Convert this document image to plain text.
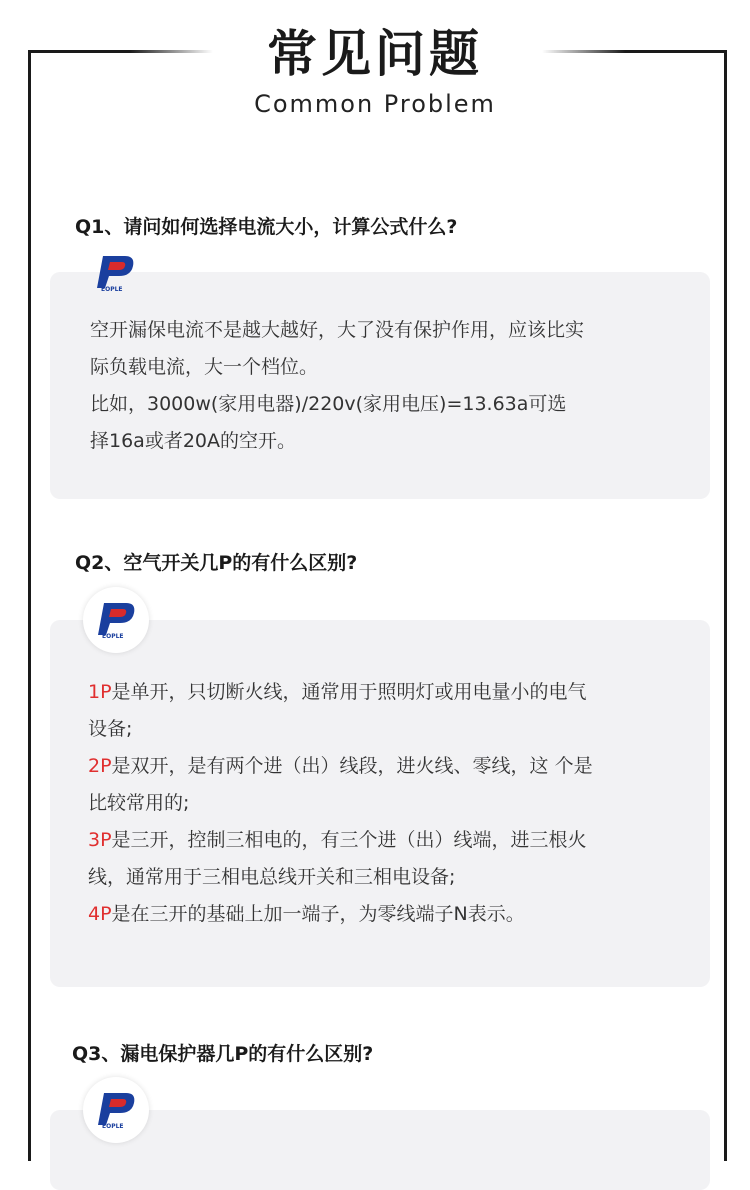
常见问题
Common Problem
Q1、请问如何选择电流大小，计算公式什么?
EOPLE
空开漏保电流不是越大越好，大了没有保护作用，应该比实
际负载电流，大一个档位。
比如，3000w(家用电器)/220v(家用电压)=13.63a可选
择16a或者20A的空开。
Q2、空气开关几P的有什么区别?
EOPLE
1P是单开，只切断火线，通常用于照明灯或用电量小的电气
设备;
2P是双开，是有两个进（出）线段，进火线、零线，这 个是
比较常用的;
3P是三开，控制三相电的，有三个进（出）线端，进三根火
线，通常用于三相电总线开关和三相电设备;
4P是在三开的基础上加一端子，为零线端子N表示。
Q3、漏电保护器几P的有什么区别?
EOPLE
